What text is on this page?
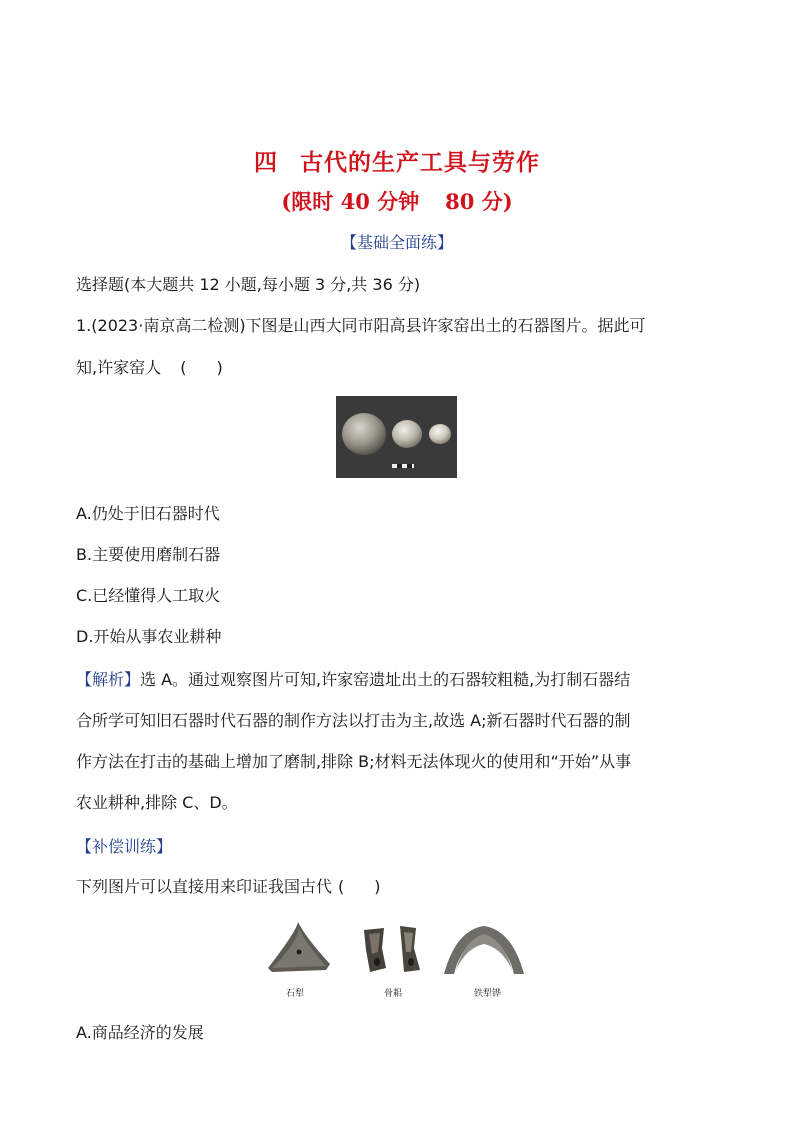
四 古代的生产工具与劳作
(限时 40 分钟 80 分)
【基础全面练】
选择题(本大题共 12 小题,每小题 3 分,共 36 分)
1.(2023·南京高二检测)下图是山西大同市阳高县许家窑出土的石器图片。据此可
知,许家窑人 ( )
A.仍处于旧石器时代
B.主要使用磨制石器
C.已经懂得人工取火
D.开始从事农业耕种
【解析】选 A。通过观察图片可知,许家窑遗址出土的石器较粗糙,为打制石器结
合所学可知旧石器时代石器的制作方法以打击为主,故选 A;新石器时代石器的制
作方法在打击的基础上增加了磨制,排除 B;材料无法体现火的使用和“开始”从事
农业耕种,排除 C、D。
【补偿训练】
下列图片可以直接用来印证我国古代 ( )
石犁	骨耜	铁犁铧
A.商品经济的发展
